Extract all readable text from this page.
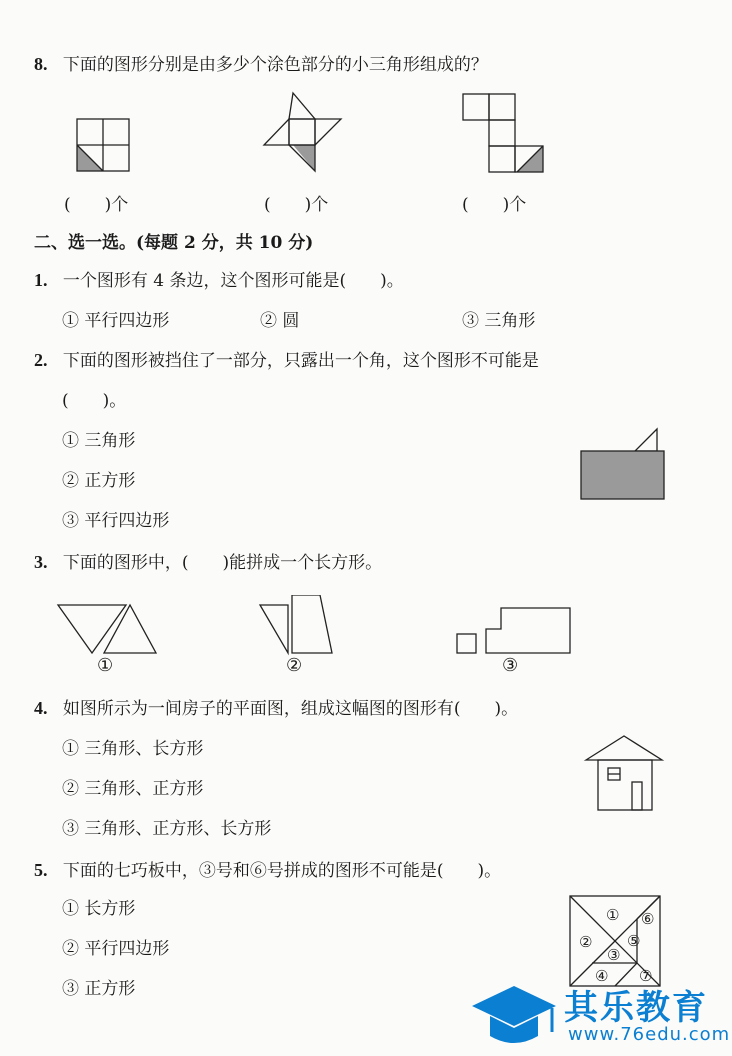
8. 下面的图形分别是由多少个涂色部分的小三角形组成的？
(　　)个	(　　)个	(　　)个
二、选一选。(每题 2 分，共 10 分)
1. 一个图形有 4 条边，这个图形可能是(　　)。
① 平行四边形	② 圆	③ 三角形
2. 下面的图形被挡住了一部分，只露出一个角，这个图形不可能是
(　　)。
① 三角形
② 正方形
③ 平行四边形
3. 下面的图形中，(　　)能拼成一个长方形。
①	②	③
4. 如图所示为一间房子的平面图，组成这幅图的图形有(　　)。
① 三角形、长方形
② 三角形、正方形
③ 三角形、正方形、长方形
5. 下面的七巧板中，③号和⑥号拼成的图形不可能是(　　)。
① 长方形
② 平行四边形
③ 正方形
①
②
③
④
⑤
⑥
⑦
其乐教育
www.76edu.com
